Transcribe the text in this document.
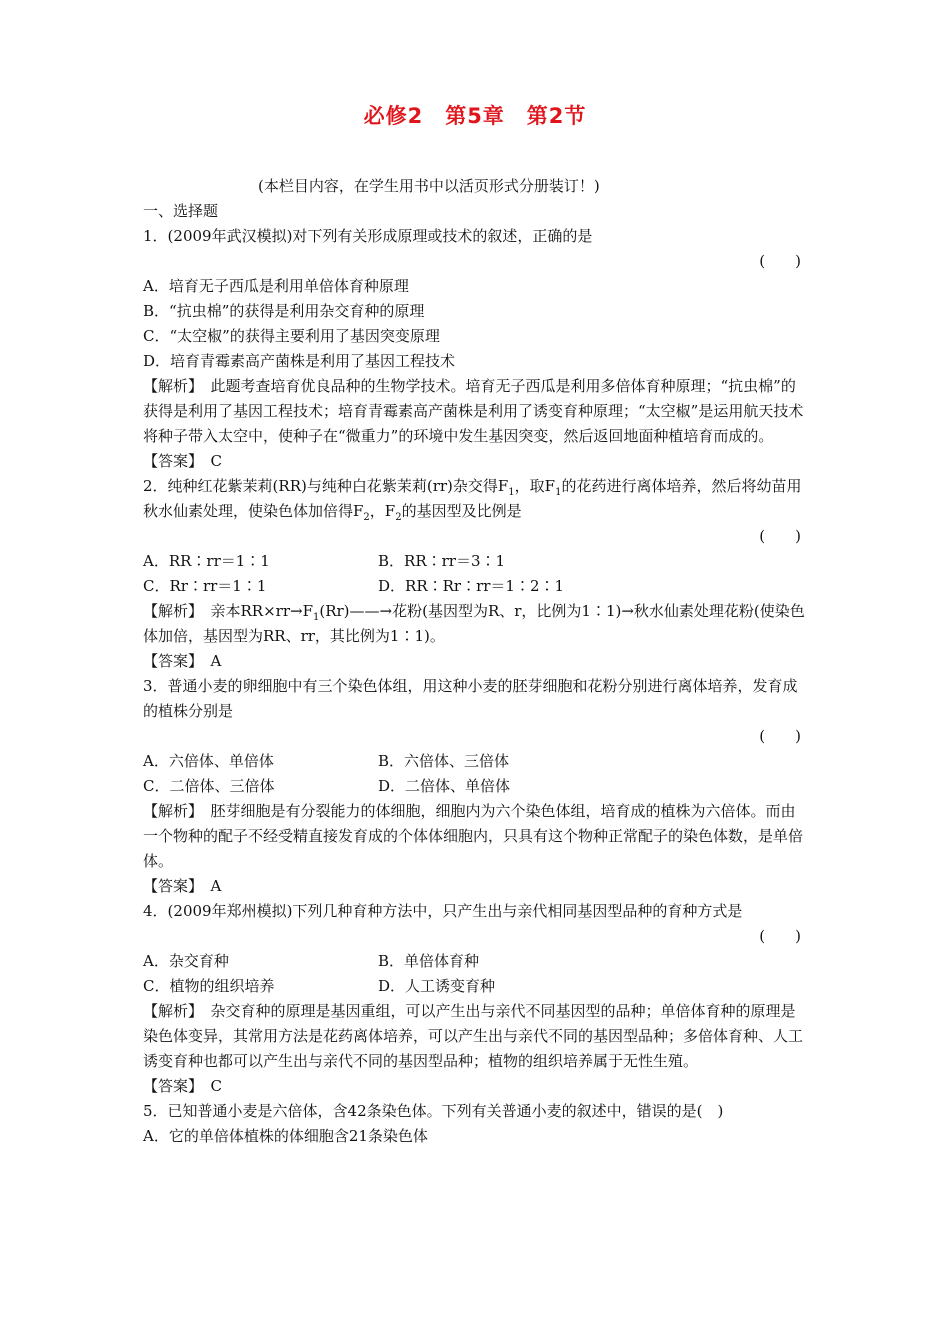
必修2　第5章　第2节
(本栏目内容，在学生用书中以活页形式分册装订！)
一、选择题
1．(2009年武汉模拟)对下列有关形成原理或技术的叙述，正确的是
(　　)
A．培育无子西瓜是利用单倍体育种原理
B．“抗虫棉”的获得是利用杂交育种的原理
C．“太空椒”的获得主要利用了基因突变原理
D．培育青霉素高产菌株是利用了基因工程技术
【解析】　此题考查培育优良品种的生物学技术。培育无子西瓜是利用多倍体育种原理；“抗虫棉”的获得是利用了基因工程技术；培育青霉素高产菌株是利用了诱变育种原理；“太空椒”是运用航天技术将种子带入太空中，使种子在“微重力”的环境中发生基因突变，然后返回地面种植培育而成的。
【答案】　C
2．纯种红花紫茉莉(RR)与纯种白花紫茉莉(rr)杂交得$F_1$，取$F_1$的花药进行离体培养，然后将幼苗用秋水仙素处理，使染色体加倍得$F_2$，$F_2$的基因型及比例是
(　　)
A．RR∶rr＝1∶1	B．RR∶rr＝3∶1
C．Rr∶rr＝1∶1	D．RR∶Rr∶rr＝1∶2∶1
【解析】　亲本$RR\times rr\to F_1(Rr)——\to$花粉(基因型为R、r，比例为1∶1)→秋水仙素处理花粉(使染色体加倍，基因型为RR、rr，其比例为1∶1)。
【答案】　A
3．普通小麦的卵细胞中有三个染色体组，用这种小麦的胚芽细胞和花粉分别进行离体培养，发育成的植株分别是
(　　)
A．六倍体、单倍体	B．六倍体、三倍体
C．二倍体、三倍体	D．二倍体、单倍体
【解析】　胚芽细胞是有分裂能力的体细胞，细胞内为六个染色体组，培育成的植株为六倍体。而由一个物种的配子不经受精直接发育成的个体体细胞内，只具有这个物种正常配子的染色体数，是单倍体。
【答案】　A
4．(2009年郑州模拟)下列几种育种方法中，只产生出与亲代相同基因型品种的育种方式是
(　　)
A．杂交育种	B．单倍体育种
C．植物的组织培养	D．人工诱变育种
【解析】　杂交育种的原理是基因重组，可以产生出与亲代不同基因型的品种；单倍体育种的原理是染色体变异，其常用方法是花药离体培养，可以产生出与亲代不同的基因型品种；多倍体育种、人工诱变育种也都可以产生出与亲代不同的基因型品种；植物的组织培养属于无性生殖。
【答案】　C
5．已知普通小麦是六倍体，含42条染色体。下列有关普通小麦的叙述中，错误的是(　)
A．它的单倍体植株的体细胞含21条染色体
